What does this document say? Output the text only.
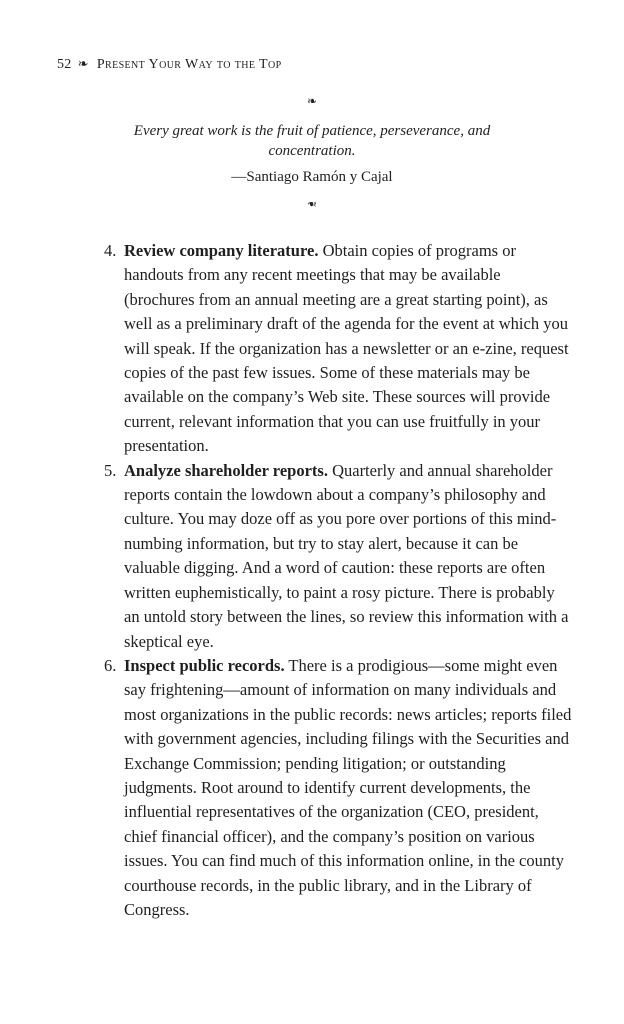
52 ❧ Present Your Way to the Top
❧
Every great work is the fruit of patience, perseverance, and concentration.
—Santiago Ramón y Cajal
❧
4. Review company literature. Obtain copies of programs or handouts from any recent meetings that may be available (brochures from an annual meeting are a great starting point), as well as a preliminary draft of the agenda for the event at which you will speak. If the organization has a newsletter or an e-zine, request copies of the past few issues. Some of these materials may be available on the company’s Web site. These sources will provide current, relevant information that you can use fruitfully in your presentation.
5. Analyze shareholder reports. Quarterly and annual shareholder reports contain the lowdown about a company’s philosophy and culture. You may doze off as you pore over portions of this mind-numbing information, but try to stay alert, because it can be valuable digging. And a word of caution: these reports are often written euphemistically, to paint a rosy picture. There is probably an untold story between the lines, so review this information with a skeptical eye.
6. Inspect public records. There is a prodigious—some might even say frightening—amount of information on many individuals and most organizations in the public records: news articles; reports filed with government agencies, including filings with the Securities and Exchange Commission; pending litigation; or outstanding judgments. Root around to identify current developments, the influential representatives of the organization (CEO, president, chief financial officer), and the company’s position on various issues. You can find much of this information online, in the county courthouse records, in the public library, and in the Library of Congress.
